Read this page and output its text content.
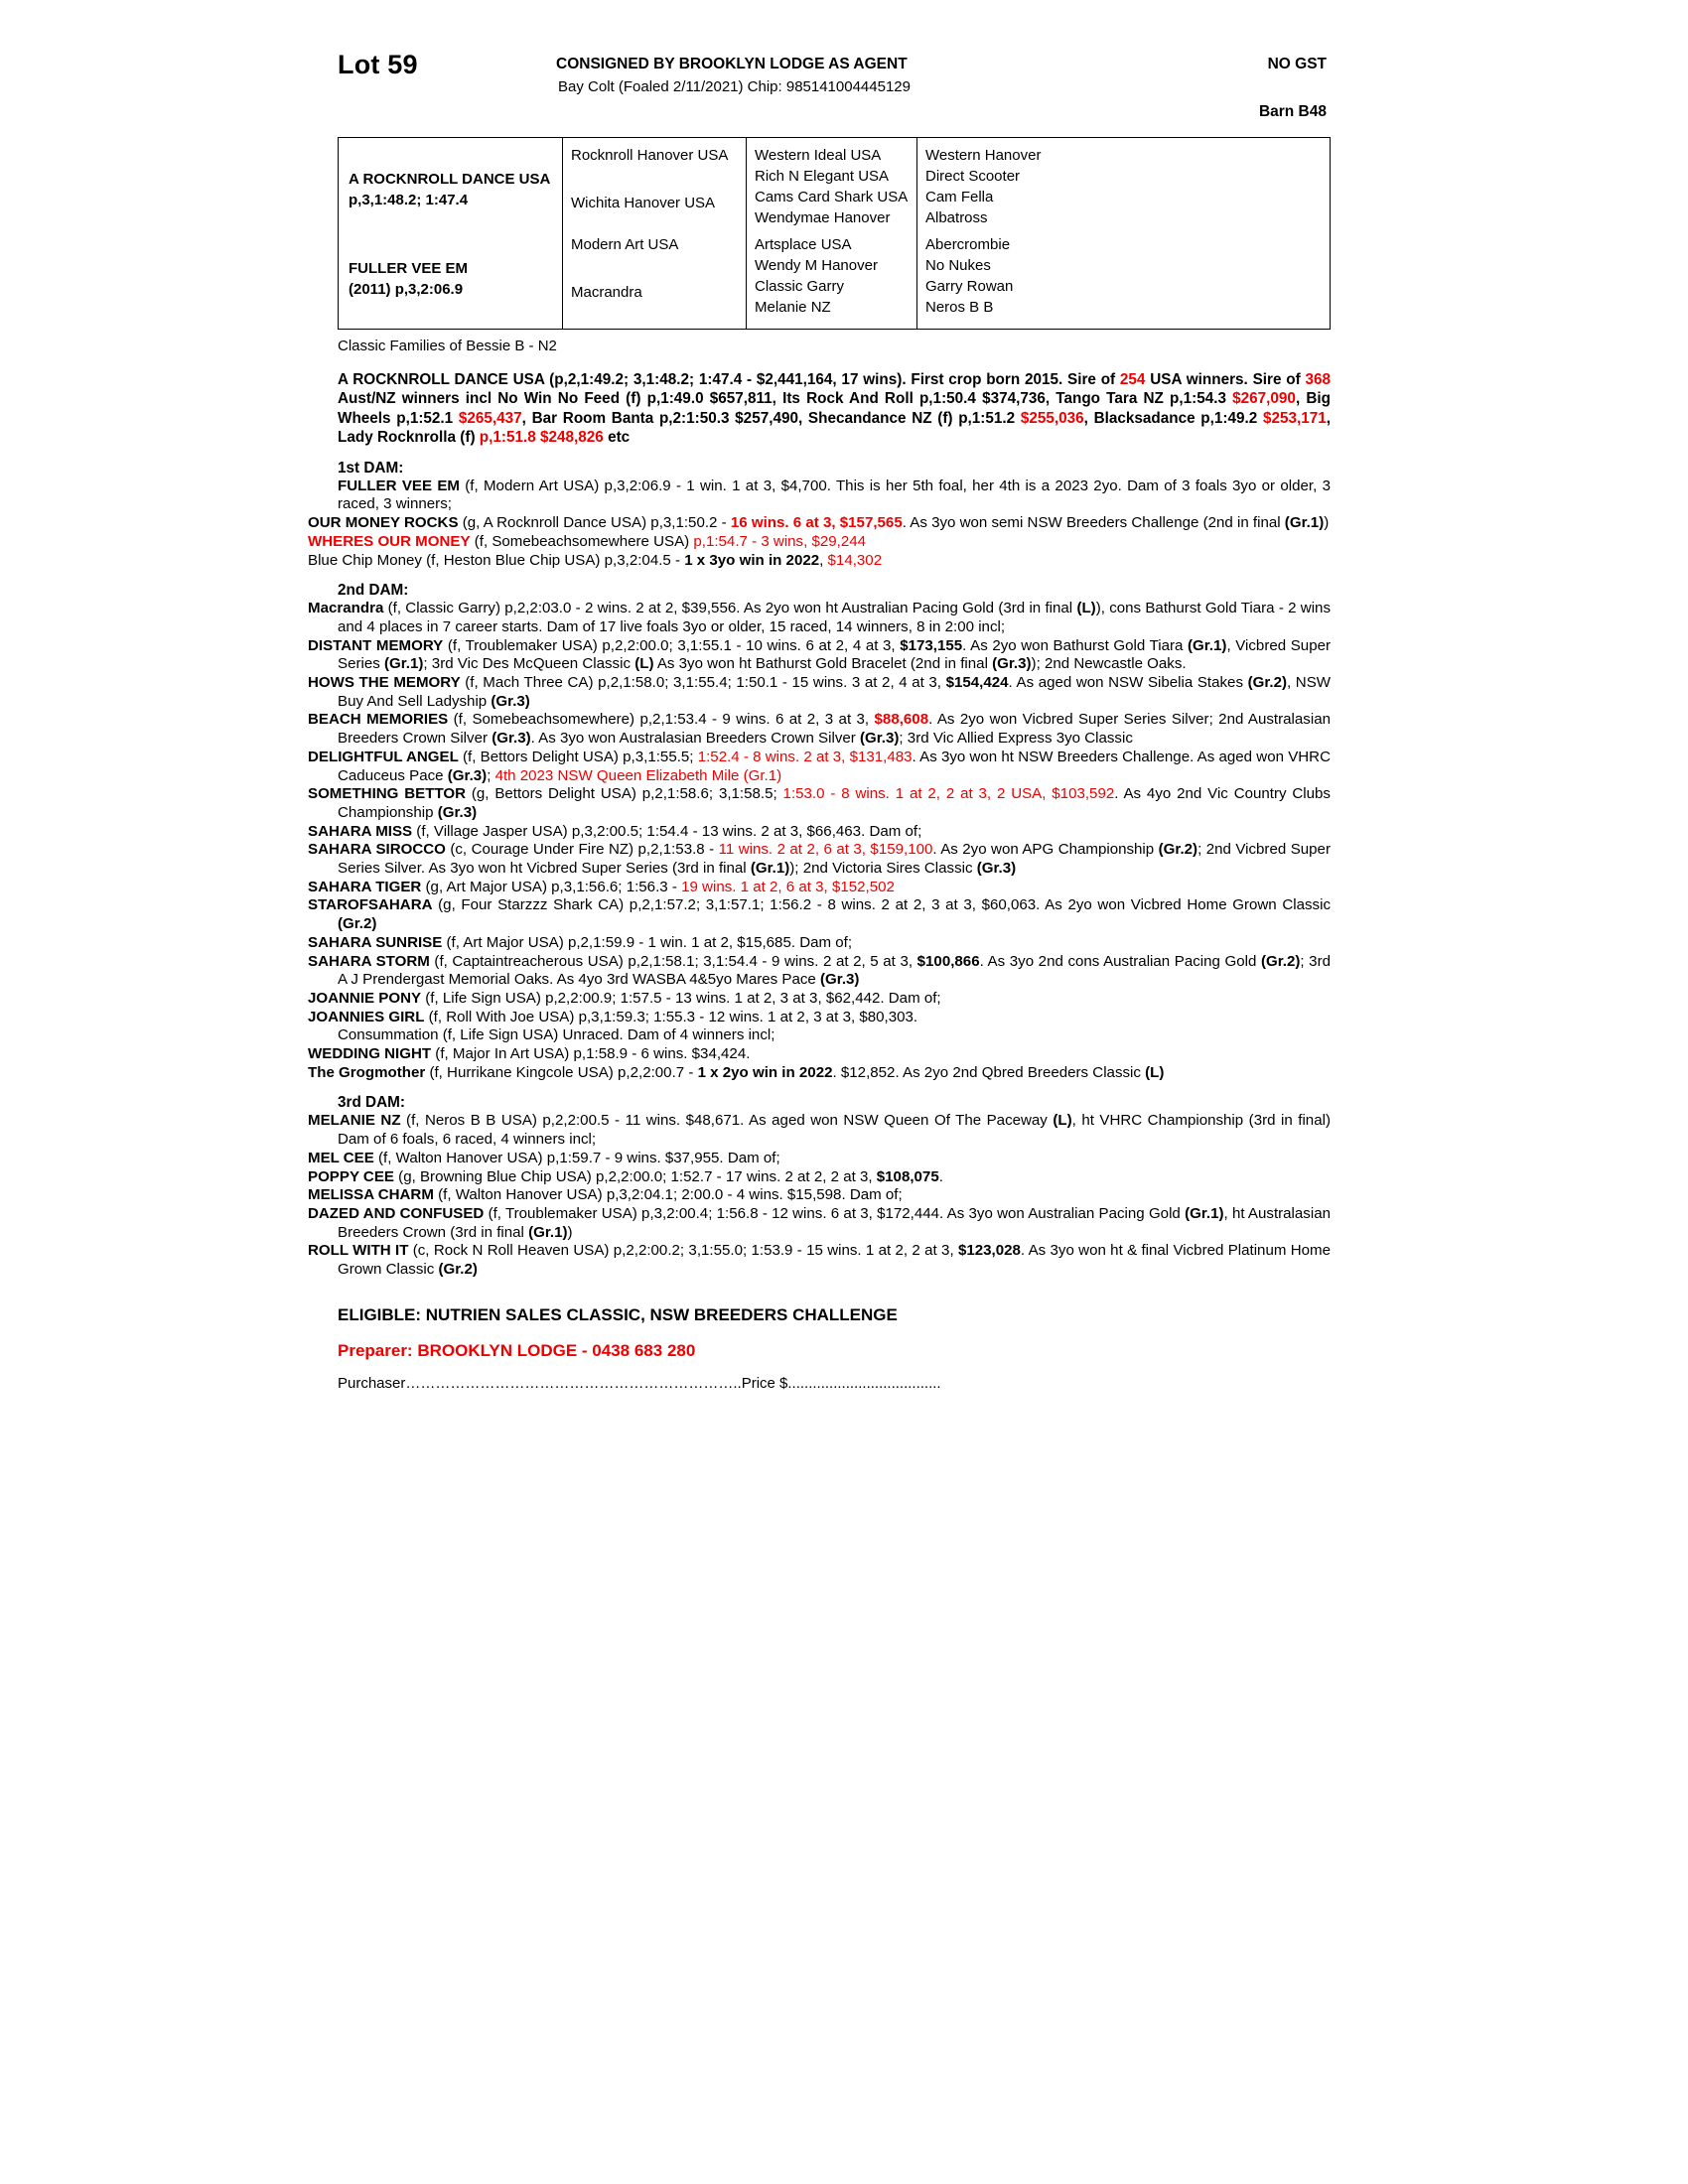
Lot 59	CONSIGNED BY BROOKLYN LODGE AS AGENT
Bay Colt (Foaled 2/11/2021) Chip: 985141004445129
NO GST
Barn B48
A ROCKNROLL DANCE USA
p,3,1:48.2; 1:47.4
FULLER VEE EM
(2011) p,3,2:06.9
Rocknroll Hanover USA
Wichita Hanover USA
Modern Art USA
Macrandra
Western Ideal USA
Rich N Elegant USA
Cams Card Shark USA
Wendymae Hanover
Artsplace USA
Wendy M Hanover
Classic Garry
Melanie NZ
Western Hanover
Direct Scooter
Cam Fella
Albatross
Abercrombie
No Nukes
Garry Rowan
Neros B B
Classic Families of Bessie B - N2
A ROCKNROLL DANCE USA (p,2,1:49.2; 3,1:48.2; 1:47.4 - $2,441,164, 17 wins). First crop born 2015. Sire of 254 USA winners. Sire of 368 Aust/NZ winners incl No Win No Feed (f) p,1:49.0 $657,811, Its Rock And Roll p,1:50.4 $374,736, Tango Tara NZ p,1:54.3 $267,090, Big Wheels p,1:52.1 $265,437, Bar Room Banta p,2:1:50.3 $257,490, Shecandance NZ (f) p,1:51.2 $255,036, Blacksadance p,1:49.2 $253,171, Lady Rocknrolla (f) p,1:51.8 $248,826 etc
1st DAM:

FULLER VEE EM (f, Modern Art USA) p,3,2:06.9 - 1 win. 1 at 3, $4,700. This is her 5th foal, her 4th is a 2023 2yo. Dam of 3 foals 3yo or older, 3 raced, 3 winners;

OUR MONEY ROCKS (g, A Rocknroll Dance USA) p,3,1:50.2 - 16 wins. 6 at 3, $157,565. As 3yo won semi NSW Breeders Challenge (2nd in final (Gr.1))

WHERES OUR MONEY (f, Somebeachsomewhere USA) p,1:54.7 - 3 wins, $29,244

Blue Chip Money (f, Heston Blue Chip USA) p,3,2:04.5 - 1 x 3yo win in 2022, $14,302

2nd DAM:

Macrandra (f, Classic Garry) p,2,2:03.0 - 2 wins. 2 at 2, $39,556. As 2yo won ht Australian Pacing Gold (3rd in final (L)), cons Bathurst Gold Tiara - 2 wins and 4 places in 7 career starts. Dam of 17 live foals 3yo or older, 15 raced, 14 winners, 8 in 2:00 incl;

DISTANT MEMORY (f, Troublemaker USA) p,2,2:00.0; 3,1:55.1 - 10 wins. 6 at 2, 4 at 3, $173,155. As 2yo won Bathurst Gold Tiara (Gr.1), Vicbred Super Series (Gr.1); 3rd Vic Des McQueen Classic (L) As 3yo won ht Bathurst Gold Bracelet (2nd in final (Gr.3)); 2nd Newcastle Oaks.

HOWS THE MEMORY (f, Mach Three CA) p,2,1:58.0; 3,1:55.4; 1:50.1 - 15 wins. 3 at 2, 4 at 3, $154,424. As aged won NSW Sibelia Stakes (Gr.2), NSW Buy And Sell Ladyship (Gr.3)

BEACH MEMORIES (f, Somebeachsomewhere) p,2,1:53.4 - 9 wins. 6 at 2, 3 at 3, $88,608. As 2yo won Vicbred Super Series Silver; 2nd Australasian Breeders Crown Silver (Gr.3). As 3yo won Australasian Breeders Crown Silver (Gr.3); 3rd Vic Allied Express 3yo Classic

DELIGHTFUL ANGEL (f, Bettors Delight USA) p,3,1:55.5; 1:52.4 - 8 wins. 2 at 3, $131,483. As 3yo won ht NSW Breeders Challenge. As aged won VHRC Caduceus Pace (Gr.3); 4th 2023 NSW Queen Elizabeth Mile (Gr.1)

SOMETHING BETTOR (g, Bettors Delight USA) p,2,1:58.6; 3,1:58.5; 1:53.0 - 8 wins. 1 at 2, 2 at 3, 2 USA, $103,592. As 4yo 2nd Vic Country Clubs Championship (Gr.3)

SAHARA MISS (f, Village Jasper USA) p,3,2:00.5; 1:54.4 - 13 wins. 2 at 3, $66,463. Dam of;

SAHARA SIROCCO (c, Courage Under Fire NZ) p,2,1:53.8 - 11 wins. 2 at 2, 6 at 3, $159,100. As 2yo won APG Championship (Gr.2); 2nd Vicbred Super Series Silver. As 3yo won ht Vicbred Super Series (3rd in final (Gr.1)); 2nd Victoria Sires Classic (Gr.3)

SAHARA TIGER (g, Art Major USA) p,3,1:56.6; 1:56.3 - 19 wins. 1 at 2, 6 at 3, $152,502

STAROFSAHARA (g, Four Starzzz Shark CA) p,2,1:57.2; 3,1:57.1; 1:56.2 - 8 wins. 2 at 2, 3 at 3, $60,063. As 2yo won Vicbred Home Grown Classic (Gr.2)

SAHARA SUNRISE (f, Art Major USA) p,2,1:59.9 - 1 win. 1 at 2, $15,685. Dam of;

SAHARA STORM (f, Captaintreacherous USA) p,2,1:58.1; 3,1:54.4 - 9 wins. 2 at 2, 5 at 3, $100,866. As 3yo 2nd cons Australian Pacing Gold (Gr.2); 3rd A J Prendergast Memorial Oaks. As 4yo 3rd WASBA 4&5yo Mares Pace (Gr.3)

JOANNIE PONY (f, Life Sign USA) p,2,2:00.9; 1:57.5 - 13 wins. 1 at 2, 3 at 3, $62,442. Dam of;

JOANNIES GIRL (f, Roll With Joe USA) p,3,1:59.3; 1:55.3 - 12 wins. 1 at 2, 3 at 3, $80,303.

Consummation (f, Life Sign USA) Unraced. Dam of 4 winners incl;

WEDDING NIGHT (f, Major In Art USA) p,1:58.9 - 6 wins. $34,424.

The Grogmother (f, Hurrikane Kingcole USA) p,2,2:00.7 - 1 x 2yo win in 2022. $12,852. As 2yo 2nd Qbred Breeders Classic (L)

3rd DAM:

MELANIE NZ (f, Neros B B USA) p,2,2:00.5 - 11 wins. $48,671. As aged won NSW Queen Of The Paceway (L), ht VHRC Championship (3rd in final) Dam of 6 foals, 6 raced, 4 winners incl;

MEL CEE (f, Walton Hanover USA) p,1:59.7 - 9 wins. $37,955. Dam of;

POPPY CEE (g, Browning Blue Chip USA) p,2,2:00.0; 1:52.7 - 17 wins. 2 at 2, 2 at 3, $108,075.

MELISSA CHARM (f, Walton Hanover USA) p,3,2:04.1; 2:00.0 - 4 wins. $15,598. Dam of;

DAZED AND CONFUSED (f, Troublemaker USA) p,3,2:00.4; 1:56.8 - 12 wins. 6 at 3, $172,444. As 3yo won Australian Pacing Gold (Gr.1), ht Australasian Breeders Crown (3rd in final (Gr.1))

ROLL WITH IT (c, Rock N Roll Heaven USA) p,2,2:00.2; 3,1:55.0; 1:53.9 - 15 wins. 1 at 2, 2 at 3, $123,028. As 3yo won ht & final Vicbred Platinum Home Grown Classic (Gr.2)

ELIGIBLE: NUTRIEN SALES CLASSIC, NSW BREEDERS CHALLENGE
Preparer: BROOKLYN LODGE - 0438 683 280
Purchaser…………………………………………………………..Price $.....................................
